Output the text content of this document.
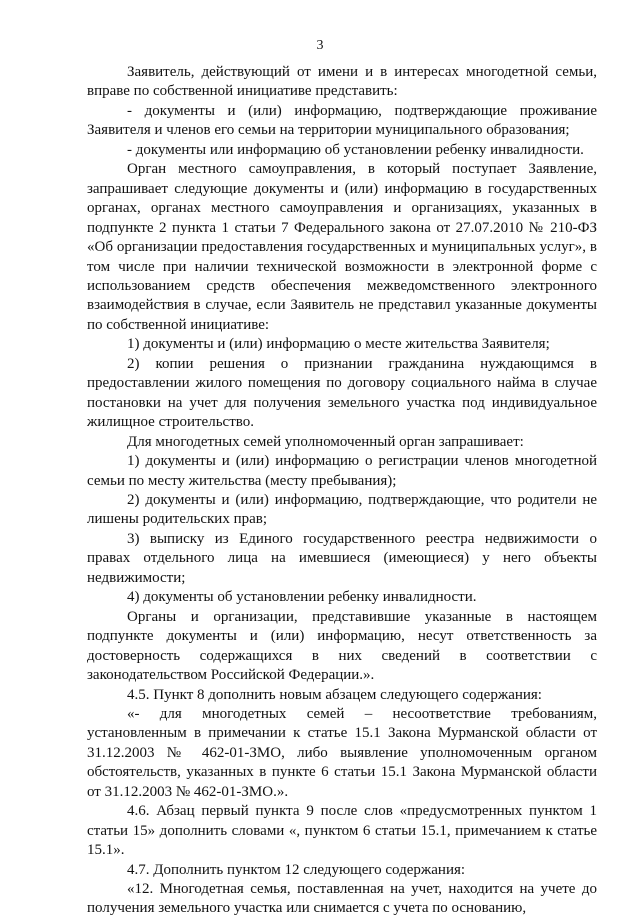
3

Заявитель, действующий от имени и в интересах многодетной семьи, вправе по собственной инициативе представить:

- документы и (или) информацию, подтверждающие проживание Заявителя и членов его семьи на территории муниципального образования;

- документы или информацию об установлении ребенку инвалидности.

Орган местного самоуправления, в который поступает Заявление, запрашивает следующие документы и (или) информацию в государственных органах, органах местного самоуправления и организациях, указанных в подпункте 2 пункта 1 статьи 7 Федерального закона от 27.07.2010 № 210-ФЗ «Об организации предоставления государственных и муниципальных услуг», в том числе при наличии технической возможности в электронной форме с использованием средств обеспечения межведомственного электронного взаимодействия в случае, если Заявитель не представил указанные документы по собственной инициативе:

1) документы и (или) информацию о месте жительства Заявителя;

2) копии решения о признании гражданина нуждающимся в предоставлении жилого помещения по договору социального найма в случае постановки на учет для получения земельного участка под индивидуальное жилищное строительство.

Для многодетных семей уполномоченный орган запрашивает:

1) документы и (или) информацию о регистрации членов многодетной семьи по месту жительства (месту пребывания);

2) документы и (или) информацию, подтверждающие, что родители не лишены родительских прав;

3) выписку из Единого государственного реестра недвижимости о правах отдельного лица на имевшиеся (имеющиеся) у него объекты недвижимости;

4) документы об установлении ребенку инвалидности.

Органы и организации, представившие указанные в настоящем подпункте документы и (или) информацию, несут ответственность за достоверность содержащихся в них сведений в соответствии с законодательством Российской Федерации.».

4.5. Пункт 8 дополнить новым абзацем следующего содержания:

«- для многодетных семей – несоответствие требованиям, установленным в примечании к статье 15.1 Закона Мурманской области от 31.12.2003 № 462-01-ЗМО, либо выявление уполномоченным органом обстоятельств, указанных в пункте 6 статьи 15.1 Закона Мурманской области от 31.12.2003 № 462-01-ЗМО.».

4.6. Абзац первый пункта 9 после слов «предусмотренных пунктом 1 статьи 15» дополнить словами «, пунктом 6 статьи 15.1, примечанием к статье 15.1».

4.7. Дополнить пунктом 12 следующего содержания:

«12. Многодетная семья, поставленная на учет, находится на учете до получения земельного участка или снимается с учета по основанию,
